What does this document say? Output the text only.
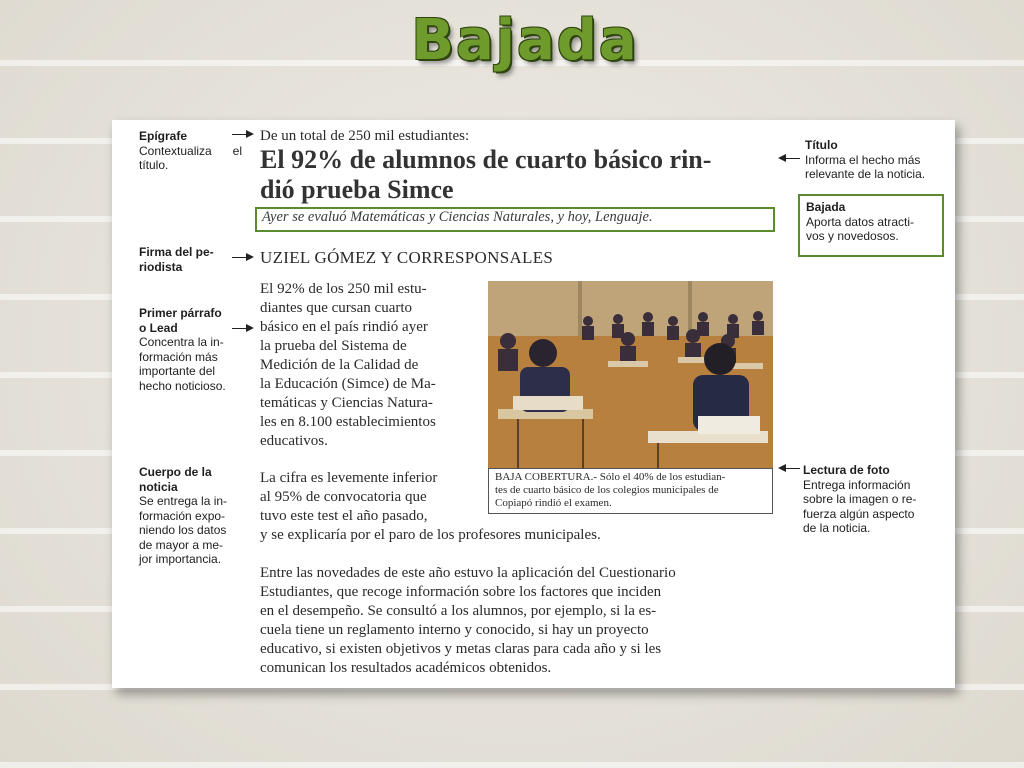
Bajada
De un total de 250 mil estudiantes:
El 92% de alumnos de cuarto básico rin-
dió prueba Simce
Ayer se evaluó Matemáticas y Ciencias Naturales, y hoy, Lenguaje.
UZIEL GÓMEZ Y CORRESPONSALES
El 92% de los 250 mil estu-
diantes que cursan cuarto
básico en el país rindió ayer
la prueba del Sistema de
Medición de la Calidad de
la Educación (Simce) de Ma-
temáticas y Ciencias Natura-
les en 8.100 establecimientos
educativos.
BAJA COBERTURA.- Sólo el 40% de los estudian-
tes de cuarto básico de los colegios municipales de
Copiapó rindió el examen.
La cifra es levemente inferior
al 95% de convocatoria que
tuvo este test el año pasado,
y se explicaría por el paro de los profesores municipales.
Entre las novedades de este año estuvo la aplicación del Cuestionario
Estudiantes, que recoge información sobre los factores que inciden
en el desempeño. Se consultó a los alumnos, por ejemplo, si la es-
cuela tiene un reglamento interno y conocido, si hay un proyecto
educativo, si existen objetivos y metas claras para cada año y si les
comunican los resultados académicos obtenidos.
Epígrafe
Contextualiza el
título.
Firma del pe-
riodista
Primer párrafo
o Lead
Concentra la in-
formación más
importante del
hecho noticioso.
Cuerpo de la
noticia
Se entrega la in-
formación expo-
niendo los datos
de mayor a me-
jor importancia.
Título
Informa el hecho más
relevante de la noticia.
Lectura de foto
Entrega información
sobre la imagen o re-
fuerza algún aspecto
de la noticia.
Bajada
Aporta datos atracti-
vos y novedosos.
